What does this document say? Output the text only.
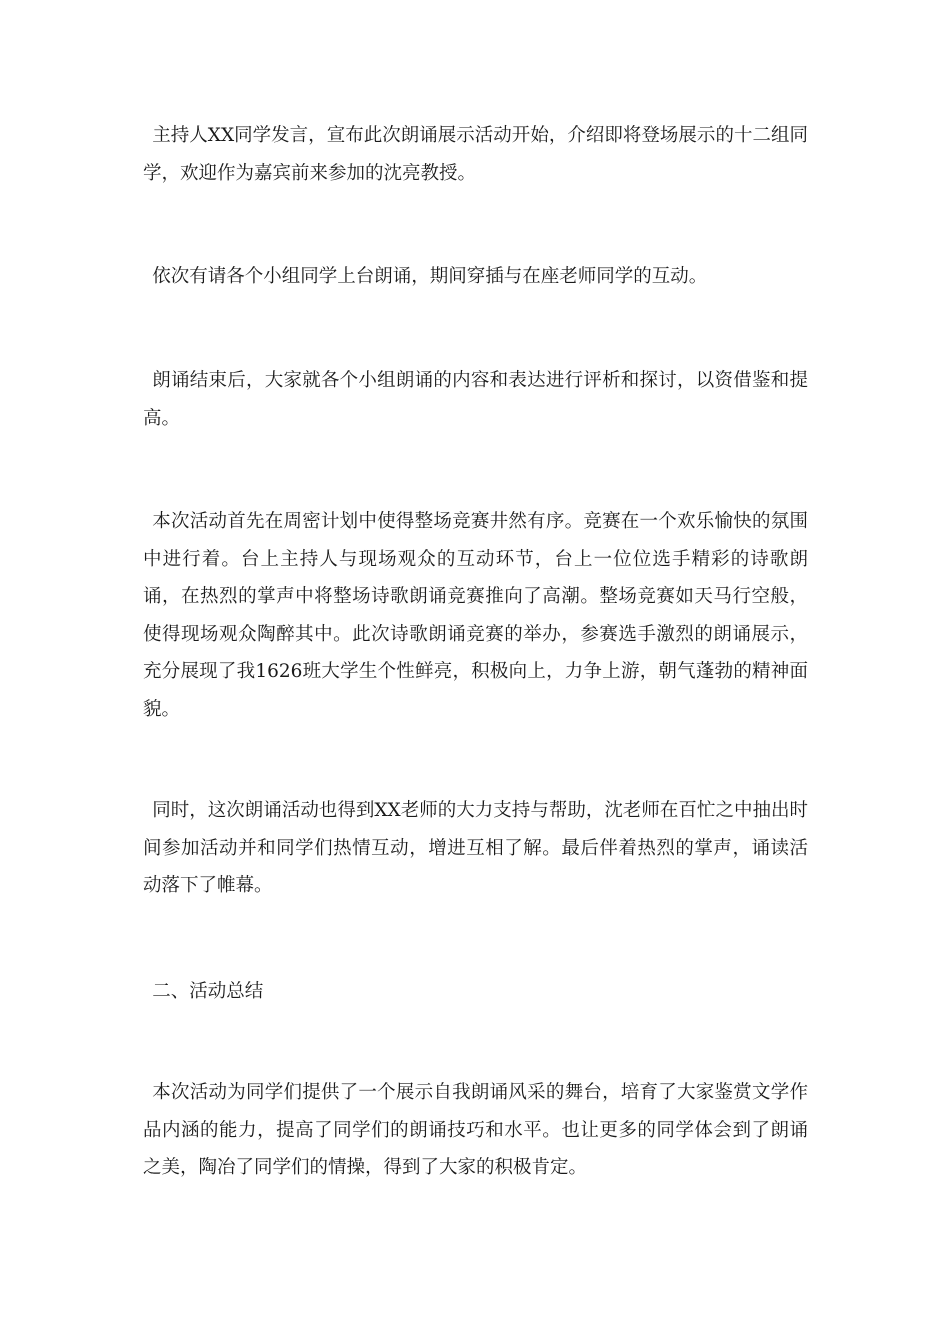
主持人XX同学发言，宣布此次朗诵展示活动开始，介绍即将登场展示的十二组同学，欢迎作为嘉宾前来参加的沈亮教授。

依次有请各个小组同学上台朗诵，期间穿插与在座老师同学的互动。

朗诵结束后，大家就各个小组朗诵的内容和表达进行评析和探讨，以资借鉴和提高。

本次活动首先在周密计划中使得整场竞赛井然有序。竞赛在一个欢乐愉快的氛围中进行着。台上主持人与现场观众的互动环节，台上一位位选手精彩的诗歌朗诵，在热烈的掌声中将整场诗歌朗诵竞赛推向了高潮。整场竞赛如天马行空般，使得现场观众陶醉其中。此次诗歌朗诵竞赛的举办，参赛选手激烈的朗诵展示，充分展现了我1626班大学生个性鲜亮，积极向上，力争上游，朝气蓬勃的精神面貌。

同时，这次朗诵活动也得到XX老师的大力支持与帮助，沈老师在百忙之中抽出时间参加活动并和同学们热情互动，增进互相了解。最后伴着热烈的掌声，诵读活动落下了帷幕。

二、活动总结

本次活动为同学们提供了一个展示自我朗诵风采的舞台，培育了大家鉴赏文学作品内涵的能力，提高了同学们的朗诵技巧和水平。也让更多的同学体会到了朗诵之美，陶冶了同学们的情操，得到了大家的积极肯定。
